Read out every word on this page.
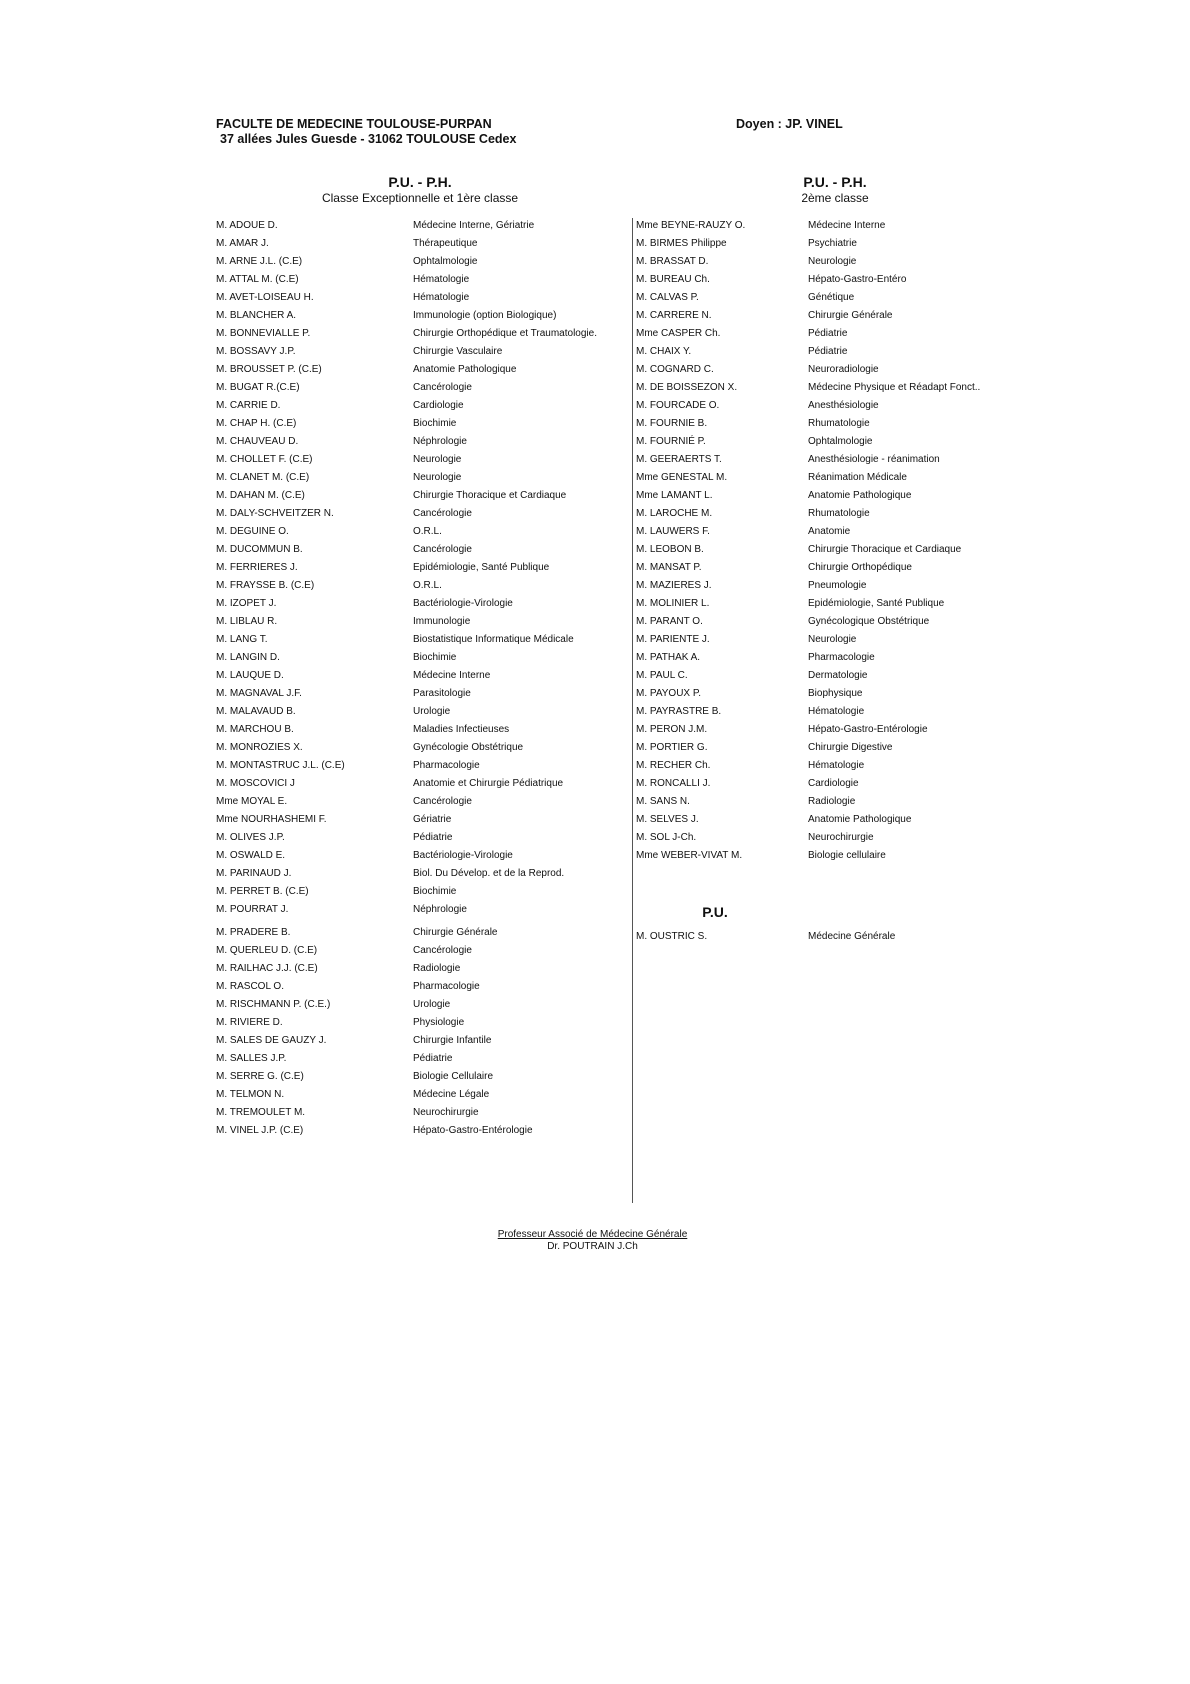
FACULTE DE MEDECINE TOULOUSE-PURPAN
37 allées Jules Guesde - 31062 TOULOUSE Cedex
Doyen : JP. VINEL
P.U. - P.H.
Classe Exceptionnelle et 1ère classe
P.U. - P.H.
2ème classe
P.U.
M. ADOUE D.	Médecine Interne, Gériatrie
M. AMAR J.	Thérapeutique
M. ARNE J.L. (C.E)	Ophtalmologie
M. ATTAL M. (C.E)	Hématologie
M. AVET-LOISEAU H.	Hématologie
M. BLANCHER A.	Immunologie (option Biologique)
M. BONNEVIALLE P.	Chirurgie Orthopédique et Traumatologie.
M. BOSSAVY J.P.	Chirurgie Vasculaire
M. BROUSSET P. (C.E)	Anatomie Pathologique
M. BUGAT R.(C.E)	Cancérologie
M. CARRIE D.	Cardiologie
M. CHAP H. (C.E)	Biochimie
M. CHAUVEAU D.	Néphrologie
M. CHOLLET F. (C.E)	Neurologie
M. CLANET M. (C.E)	Neurologie
M. DAHAN M. (C.E)	Chirurgie Thoracique et Cardiaque
M. DALY-SCHVEITZER N.	Cancérologie
M. DEGUINE O.	O.R.L.
M. DUCOMMUN B.	Cancérologie
M. FERRIERES J.	Epidémiologie, Santé Publique
M. FRAYSSE B. (C.E)	O.R.L.
M. IZOPET J.	Bactériologie-Virologie
M. LIBLAU R.	Immunologie
M. LANG T.	Biostatistique Informatique Médicale
M. LANGIN D.	Biochimie
M. LAUQUE D.	Médecine Interne
M. MAGNAVAL J.F.	Parasitologie
M. MALAVAUD B.	Urologie
M. MARCHOU B.	Maladies Infectieuses
M. MONROZIES X.	Gynécologie Obstétrique
M. MONTASTRUC J.L. (C.E)	Pharmacologie
M. MOSCOVICI J	Anatomie et Chirurgie Pédiatrique
Mme MOYAL E.	Cancérologie
Mme NOURHASHEMI F.	Gériatrie
M. OLIVES J.P.	Pédiatrie
M. OSWALD E.	Bactériologie-Virologie
M. PARINAUD J.	Biol. Du Dévelop. et de la Reprod.
M. PERRET B. (C.E)	Biochimie
M. POURRAT J.	Néphrologie
M. PRADERE B.	Chirurgie Générale
M. QUERLEU D. (C.E)	Cancérologie
M. RAILHAC J.J. (C.E)	Radiologie
M. RASCOL O.	Pharmacologie
M. RISCHMANN P. (C.E.)	Urologie
M. RIVIERE D.	Physiologie
M. SALES DE GAUZY J.	Chirurgie Infantile
M. SALLES J.P.	Pédiatrie
M. SERRE G. (C.E)	Biologie Cellulaire
M. TELMON N.	Médecine Légale
M. TREMOULET M.	Neurochirurgie
M. VINEL J.P. (C.E)	Hépato-Gastro-Entérologie
Mme BEYNE-RAUZY O.	Médecine Interne
M. BIRMES Philippe	Psychiatrie
M. BRASSAT D.	Neurologie
M. BUREAU Ch.	Hépato-Gastro-Entéro
M. CALVAS P.	Génétique
M. CARRERE N.	Chirurgie Générale
Mme CASPER Ch.	Pédiatrie
M. CHAIX Y.	Pédiatrie
M. COGNARD C.	Neuroradiologie
M. DE BOISSEZON X.	Médecine Physique et Réadapt Fonct..
M. FOURCADE O.	Anesthésiologie
M. FOURNIE B.	Rhumatologie
M. FOURNIÉ P.	Ophtalmologie
M. GEERAERTS T.	Anesthésiologie - réanimation
Mme GENESTAL M.	Réanimation Médicale
Mme LAMANT L.	Anatomie Pathologique
M. LAROCHE M.	Rhumatologie
M. LAUWERS F.	Anatomie
M. LEOBON B.	Chirurgie Thoracique et Cardiaque
M. MANSAT P.	Chirurgie Orthopédique
M. MAZIERES J.	Pneumologie
M. MOLINIER L.	Epidémiologie, Santé Publique
M. PARANT O.	Gynécologique Obstétrique
M. PARIENTE J.	Neurologie
M. PATHAK A.	Pharmacologie
M. PAUL C.	Dermatologie
M. PAYOUX P.	Biophysique
M. PAYRASTRE B.	Hématologie
M. PERON J.M.	Hépato-Gastro-Entérologie
M. PORTIER G.	Chirurgie Digestive
M. RECHER Ch.	Hématologie
M. RONCALLI J.	Cardiologie
M. SANS N.	Radiologie
M. SELVES J.	Anatomie Pathologique
M. SOL J-Ch.	Neurochirurgie
Mme WEBER-VIVAT M.	Biologie cellulaire
M. OUSTRIC S.	Médecine Générale
Professeur Associé de Médecine Générale
Dr. POUTRAIN J.Ch
